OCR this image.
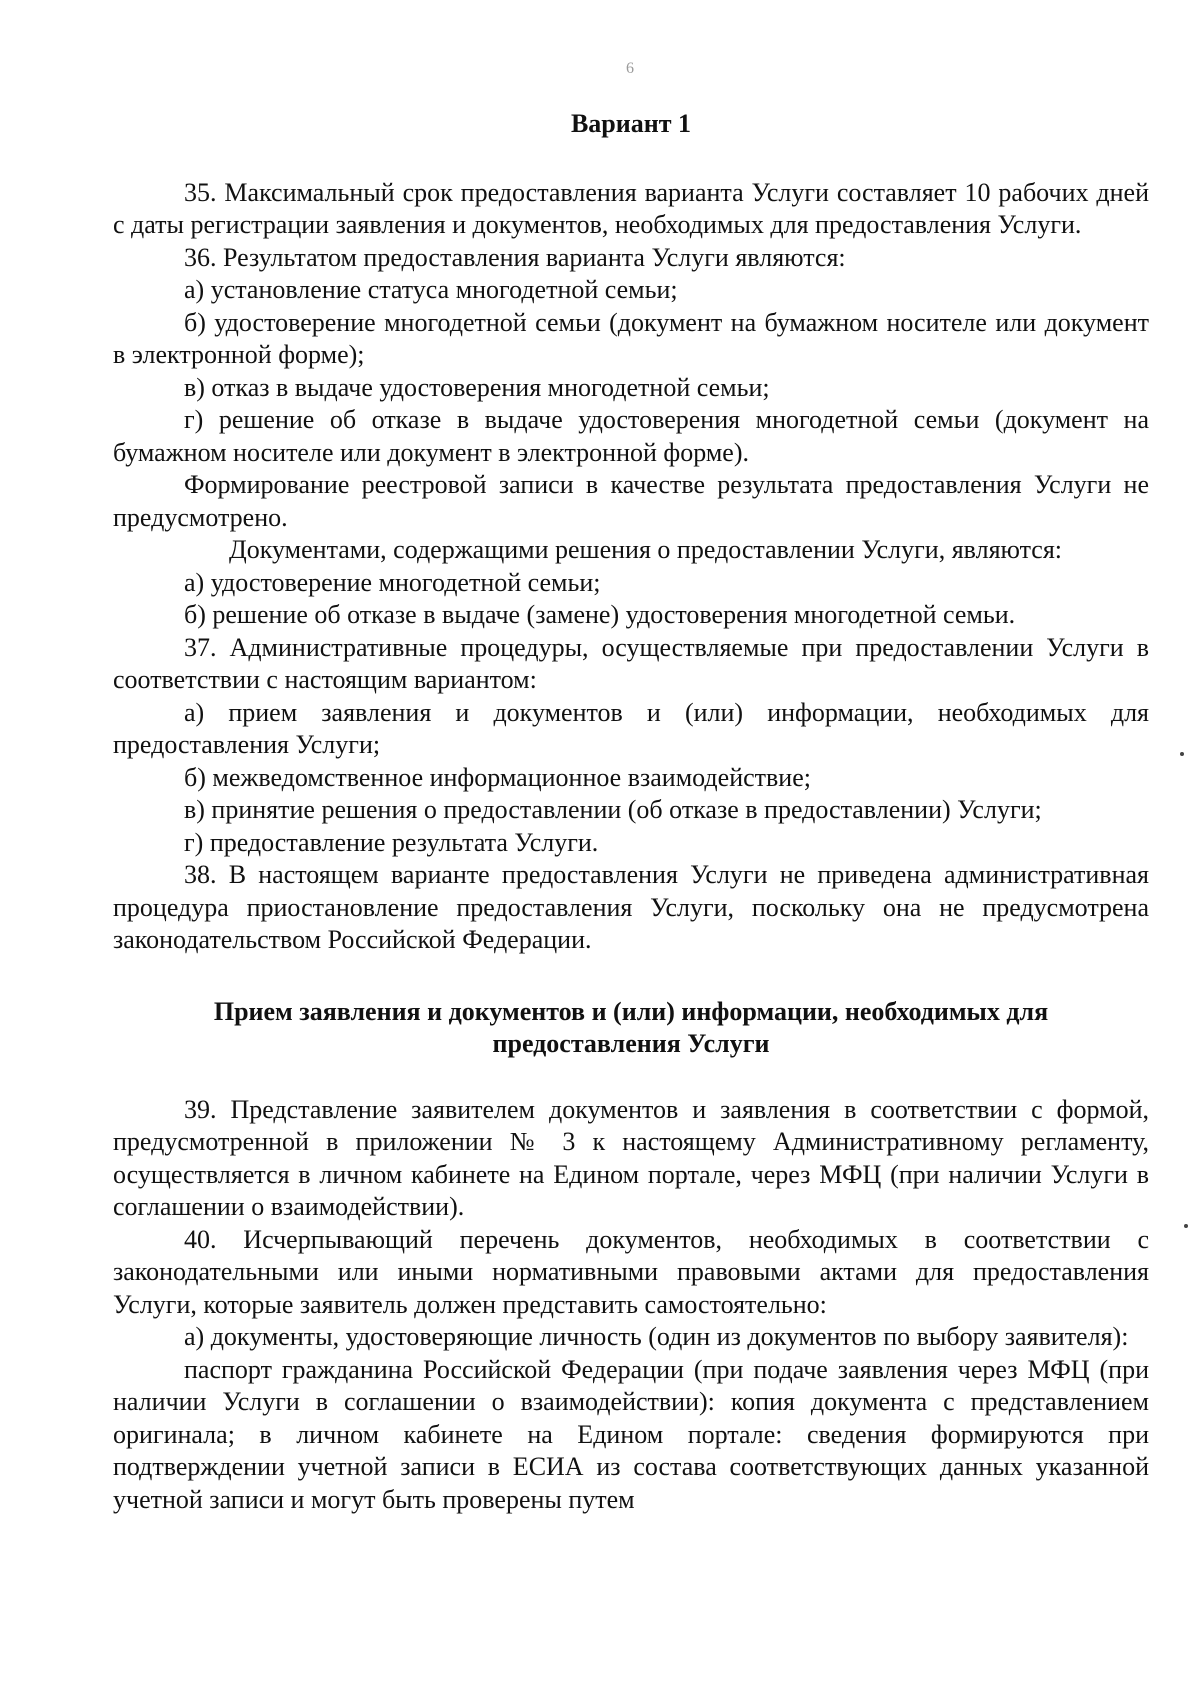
6
Вариант 1

35. Максимальный срок предоставления варианта Услуги составляет 10 рабочих дней с даты регистрации заявления и документов, необходимых для предоставления Услуги.

36. Результатом предоставления варианта Услуги являются:

а) установление статуса многодетной семьи;

б) удостоверение многодетной семьи (документ на бумажном носителе или документ в электронной форме);

в) отказ в выдаче удостоверения многодетной семьи;

г) решение об отказе в выдаче удостоверения многодетной семьи (документ на бумажном носителе или документ в электронной форме).

Формирование реестровой записи в качестве результата предоставления Услуги не предусмотрено.

Документами, содержащими решения о предоставлении Услуги, являются:

а) удостоверение многодетной семьи;

б) решение об отказе в выдаче (замене) удостоверения многодетной семьи.

37. Административные процедуры, осуществляемые при предоставлении Услуги в соответствии с настоящим вариантом:

а) прием заявления и документов и (или) информации, необходимых для предоставления Услуги;

б) межведомственное информационное взаимодействие;

в) принятие решения о предоставлении (об отказе в предоставлении) Услуги;

г) предоставление результата Услуги.

38. В настоящем варианте предоставления Услуги не приведена административная процедура приостановление предоставления Услуги, поскольку она не предусмотрена законодательством Российской Федерации.

Прием заявления и документов и (или) информации, необходимых для
предоставления Услуги

39. Представление заявителем документов и заявления в соответствии с формой, предусмотренной в приложении № 3 к настоящему Административному регламенту, осуществляется в личном кабинете на Едином портале, через МФЦ (при наличии Услуги в соглашении о взаимодействии).

40. Исчерпывающий перечень документов, необходимых в соответствии с законодательными или иными нормативными правовыми актами для предоставления Услуги, которые заявитель должен представить самостоятельно:

а) документы, удостоверяющие личность (один из документов по выбору заявителя):

паспорт гражданина Российской Федерации (при подаче заявления через МФЦ (при наличии Услуги в соглашении о взаимодействии): копия документа с представлением оригинала; в личном кабинете на Едином портале: сведения формируются при подтверждении учетной записи в ЕСИА из состава соответствующих данных указанной учетной записи и могут быть проверены путем
